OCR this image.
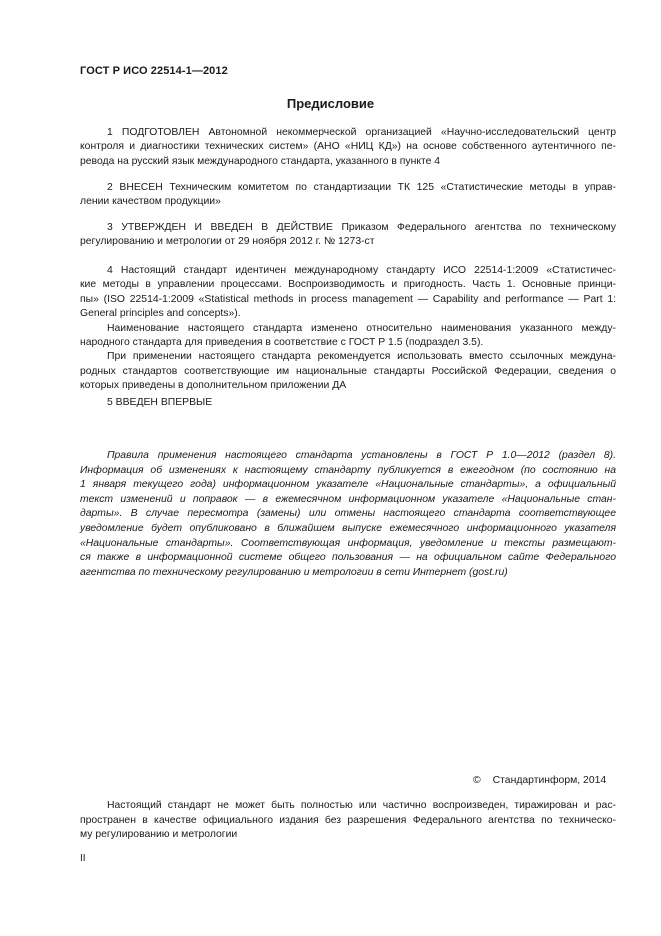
ГОСТ Р ИСО 22514-1—2012
Предисловие
1 ПОДГОТОВЛЕН Автономной некоммерческой организацией «Научно-исследовательский центр
контроля и диагностики технических систем» (АНО «НИЦ КД») на основе собственного аутентичного пе-
ревода на русский язык международного стандарта, указанного в пункте 4
2 ВНЕСЕН Техническим комитетом по стандартизации ТК 125 «Статистические методы в управ-
лении качеством продукции»
3 УТВЕРЖДЕН И ВВЕДЕН В ДЕЙСТВИЕ Приказом Федерального агентства по техническому
регулированию и метрологии от 29 ноября 2012 г. № 1273-ст
4 Настоящий стандарт идентичен международному стандарту ИСО 22514-1:2009 «Статистичес-
кие методы в управлении процессами. Воспроизводимость и пригодность. Часть 1. Основные принци-
пы» (ISO 22514-1:2009 «Statistical methods in process management — Capability and performance — Part 1:
General principles and concepts»).
Наименование настоящего стандарта изменено относительно наименования указанного между-
народного стандарта для приведения в соответствие с ГОСТ Р 1.5 (подраздел 3.5).
При применении настоящего стандарта рекомендуется использовать вместо ссылочных междуна-
родных стандартов соответствующие им национальные стандарты Российской Федерации, сведения о
которых приведены в дополнительном приложении ДА
5 ВВЕДЕН ВПЕРВЫЕ
Правила применения настоящего стандарта установлены в ГОСТ Р 1.0—2012 (раздел 8).
Информация об изменениях к настоящему стандарту публикуется в ежегодном (по состоянию на
1 января текущего года) информационном указателе «Национальные стандарты», а официальный
текст изменений и поправок — в ежемесячном информационном указателе «Национальные стан-
дарты». В случае пересмотра (замены) или отмены настоящего стандарта соответствующее
уведомление будет опубликовано в ближайшем выпуске ежемесячного информационного указателя
«Национальные стандарты». Соответствующая информация, уведомление и тексты размещают-
ся также в информационной системе общего пользования — на официальном сайте Федерального
агентства по техническому регулированию и метрологии в сети Интернет (gost.ru)
© Стандартинформ, 2014
Настоящий стандарт не может быть полностью или частично воспроизведен, тиражирован и рас-
пространен в качестве официального издания без разрешения Федерального агентства по техническо-
му регулированию и метрологии
II
